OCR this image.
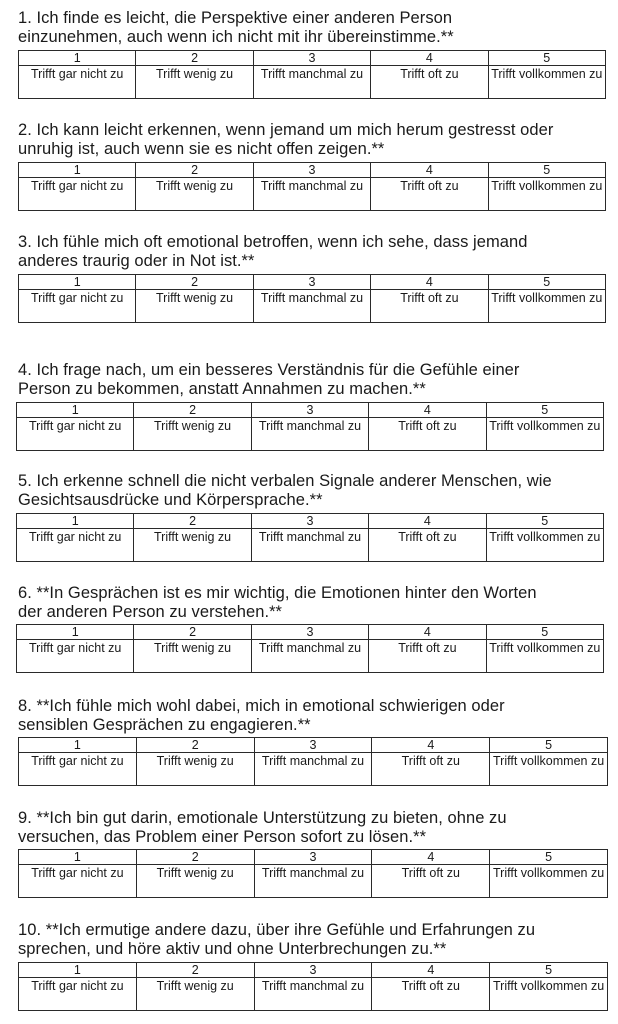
1. Ich finde es leicht, die Perspektive einer anderen Person
einzunehmen, auch wenn ich nicht mit ihr übereinstimme.**
1	2	3	4	5
Trifft gar nicht zu	Trifft wenig zu	Trifft manchmal zu	Trifft oft zu	Trifft vollkommen zu
2. Ich kann leicht erkennen, wenn jemand um mich herum gestresst oder
unruhig ist, auch wenn sie es nicht offen zeigen.**
1	2	3	4	5
Trifft gar nicht zu	Trifft wenig zu	Trifft manchmal zu	Trifft oft zu	Trifft vollkommen zu
3. Ich fühle mich oft emotional betroffen, wenn ich sehe, dass jemand
anderes traurig oder in Not ist.**
1	2	3	4	5
Trifft gar nicht zu	Trifft wenig zu	Trifft manchmal zu	Trifft oft zu	Trifft vollkommen zu
4. Ich frage nach, um ein besseres Verständnis für die Gefühle einer
Person zu bekommen, anstatt Annahmen zu machen.**
1	2	3	4	5
Trifft gar nicht zu	Trifft wenig zu	Trifft manchmal zu	Trifft oft zu	Trifft vollkommen zu
5. Ich erkenne schnell die nicht verbalen Signale anderer Menschen, wie
Gesichtsausdrücke und Körpersprache.**
1	2	3	4	5
Trifft gar nicht zu	Trifft wenig zu	Trifft manchmal zu	Trifft oft zu	Trifft vollkommen zu
6. **In Gesprächen ist es mir wichtig, die Emotionen hinter den Worten
der anderen Person zu verstehen.**
1	2	3	4	5
Trifft gar nicht zu	Trifft wenig zu	Trifft manchmal zu	Trifft oft zu	Trifft vollkommen zu
8. **Ich fühle mich wohl dabei, mich in emotional schwierigen oder
sensiblen Gesprächen zu engagieren.**
1	2	3	4	5
Trifft gar nicht zu	Trifft wenig zu	Trifft manchmal zu	Trifft oft zu	Trifft vollkommen zu
9. **Ich bin gut darin, emotionale Unterstützung zu bieten, ohne zu
versuchen, das Problem einer Person sofort zu lösen.**
1	2	3	4	5
Trifft gar nicht zu	Trifft wenig zu	Trifft manchmal zu	Trifft oft zu	Trifft vollkommen zu
10. **Ich ermutige andere dazu, über ihre Gefühle und Erfahrungen zu
sprechen, und höre aktiv und ohne Unterbrechungen zu.**
1	2	3	4	5
Trifft gar nicht zu	Trifft wenig zu	Trifft manchmal zu	Trifft oft zu	Trifft vollkommen zu
